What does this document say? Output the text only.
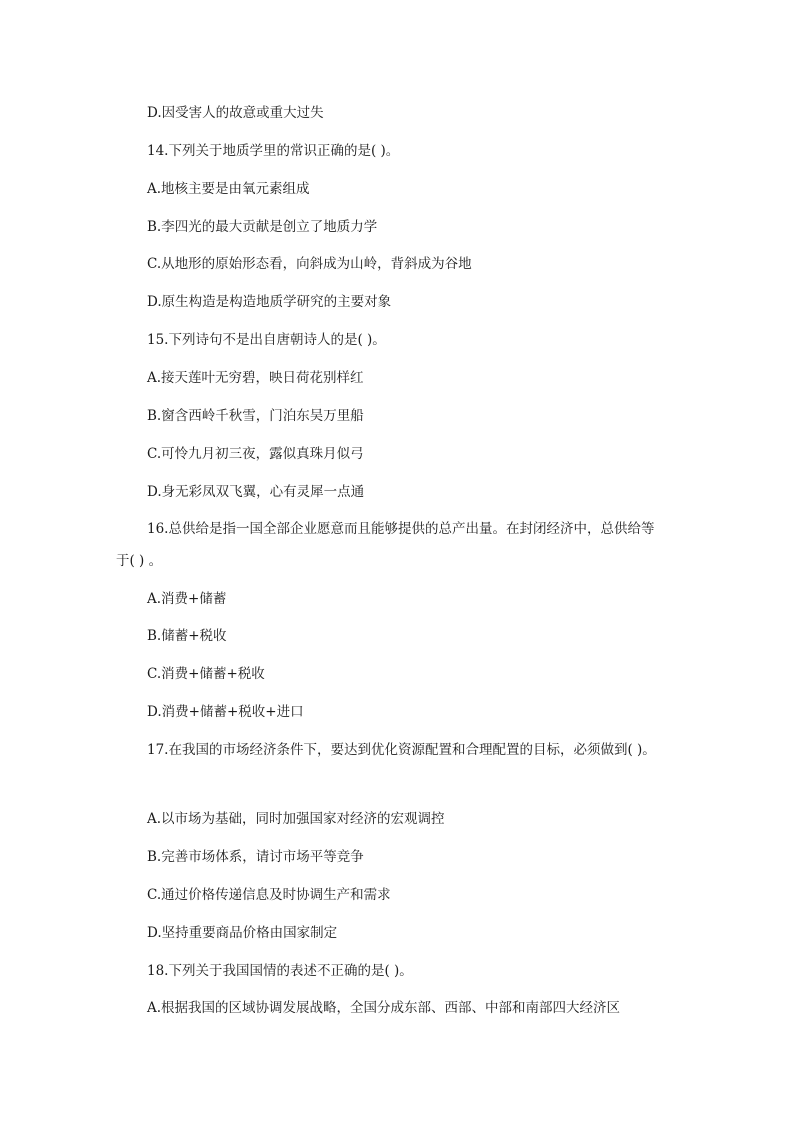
D.因受害人的故意或重大过失
14.下列关于地质学里的常识正确的是( )。
A.地核主要是由氧元素组成
B.李四光的最大贡献是创立了地质力学
C.从地形的原始形态看，向斜成为山岭，背斜成为谷地
D.原生构造是构造地质学研究的主要对象
15.下列诗句不是出自唐朝诗人的是( )。
A.接天莲叶无穷碧，映日荷花别样红
B.窗含西岭千秋雪，门泊东吴万里船
C.可怜九月初三夜，露似真珠月似弓
D.身无彩凤双飞翼，心有灵犀一点通
16.总供给是指一国全部企业愿意而且能够提供的总产出量。在封闭经济中，总供给等
于( ) 。
A.消费+储蓄
B.储蓄+税收
C.消费+储蓄+税收
D.消费+储蓄+税收+进口
17.在我国的市场经济条件下，要达到优化资源配置和合理配置的目标，必须做到( )。
A.以市场为基础，同时加强国家对经济的宏观调控
B.完善市场体系，请讨市场平等竞争
C.通过价格传递信息及时协调生产和需求
D.坚持重要商品价格由国家制定
18.下列关于我国国情的表述不正确的是( )。
A.根据我国的区域协调发展战略，全国分成东部、西部、中部和南部四大经济区
